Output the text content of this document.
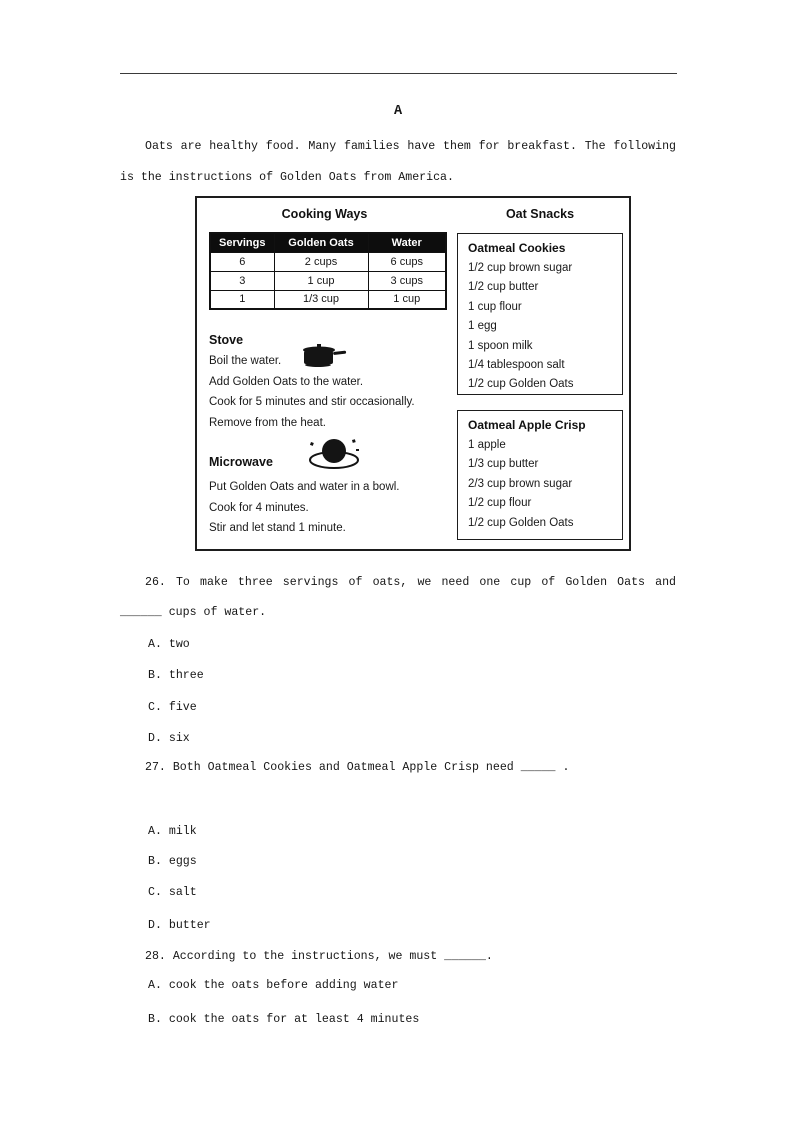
A
Oats are healthy food. Many families have them for breakfast. The following
is the instructions of Golden Oats from America.
Cooking Ways	Oat Snacks
Servings	Golden Oats	Water
6	2 cups	6 cups
3	1 cup	3 cups
1	1/3 cup	1 cup
Stove
Boil the water.
Add Golden Oats to the water.
Cook for 5 minutes and stir occasionally.
Remove from the heat.
Microwave
Put Golden Oats and water in a bowl.
Cook for 4 minutes.
Stir and let stand 1 minute.
Oatmeal Cookies
1/2 cup brown sugar
1/2 cup butter
1 cup flour
1 egg
1 spoon milk
1/4 tablespoon salt
1/2 cup Golden Oats
Oatmeal Apple Crisp
1 apple
1/3 cup butter
2/3 cup brown sugar
1/2 cup flour
1/2 cup Golden Oats
26. To make three servings of oats, we need one cup of Golden Oats and
______ cups of water.
A. two
B. three
C. five
D. six
27. Both Oatmeal Cookies and Oatmeal Apple Crisp need _____ .
A. milk
B. eggs
C. salt
D. butter
28. According to the instructions, we must ______.
A. cook the oats before adding water
B. cook the oats for at least 4 minutes
